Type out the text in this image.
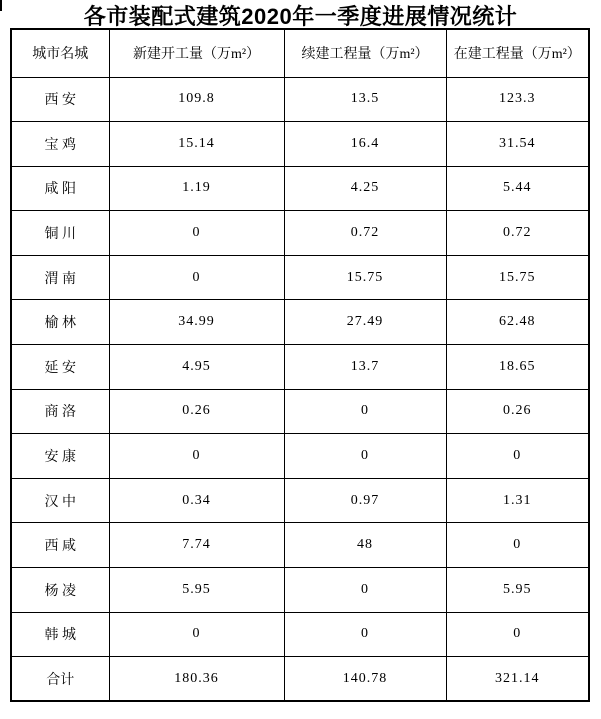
各市装配式建筑2020年一季度进展情况统计
城市名城	新建开工量（万m²）	续建工程量（万m²）	在建工程量（万m²）
西 安	109.8	13.5	123.3
宝 鸡	15.14	16.4	31.54
咸 阳	1.19	4.25	5.44
铜 川	0	0.72	0.72
渭 南	0	15.75	15.75
榆 林	34.99	27.49	62.48
延 安	4.95	13.7	18.65
商 洛	0.26	0	0.26
安 康	0	0	0
汉 中	0.34	0.97	1.31
西 咸	7.74	48	0
杨 凌	5.95	0	5.95
韩 城	0	0	0
合计	180.36	140.78	321.14
